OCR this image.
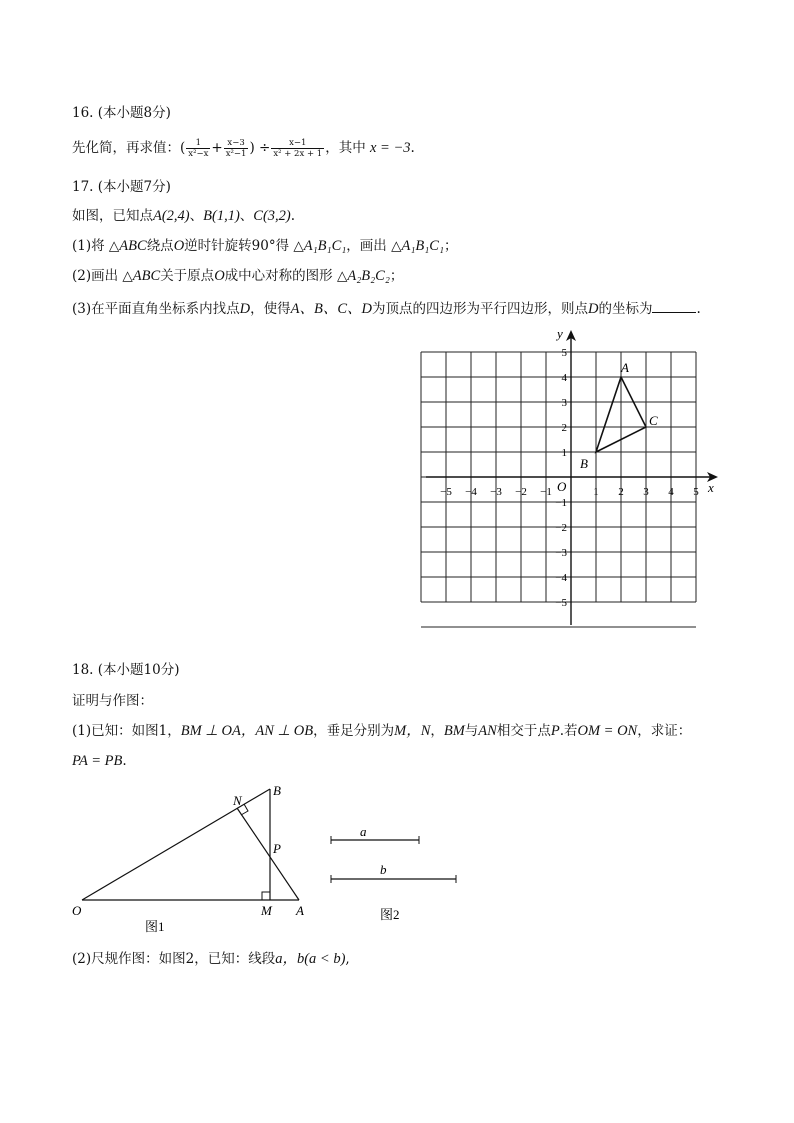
16. (本小题8分)
先化简，再求值：( $\frac{1}{\text{x²−x}} + \frac{x-3}{\text{x²−1}}$ ) ÷ $\frac{x-1}{\text{x² + 2x + 1}}$ ，其中 x = −3.
17. (本小题7分)
如图，已知点A(2,4)、B(1,1)、C(3,2).
(1)将 △ABC绕点O逆时针旋转90°得 △A₁B₁C₁，画出 △A₁B₁C₁；
(2)画出 △ABC关于原点O成中心对称的图形 △A₂B₂C₂；
(3)在平面直角坐标系内找点D，使得A、B、C、D为顶点的四边形为平行四边形，则点D的坐标为	.
x
y
O
−5 −4 −3 −2 −1	1 2 3 4 5
5
4
3
2
1
−1
−2
−3
−4
−5
A
B
C
18. (本小题10分)
证明与作图：
(1)已知：如图1，BM ⊥ OA，AN ⊥ OB，垂足分别为M，N，BM与AN相交于点P.若OM = ON，求证：
PA = PB.
O	M A
B
N
P
图1
a
b
图2
(2)尺规作图：如图2，已知：线段a，b(a < b),
